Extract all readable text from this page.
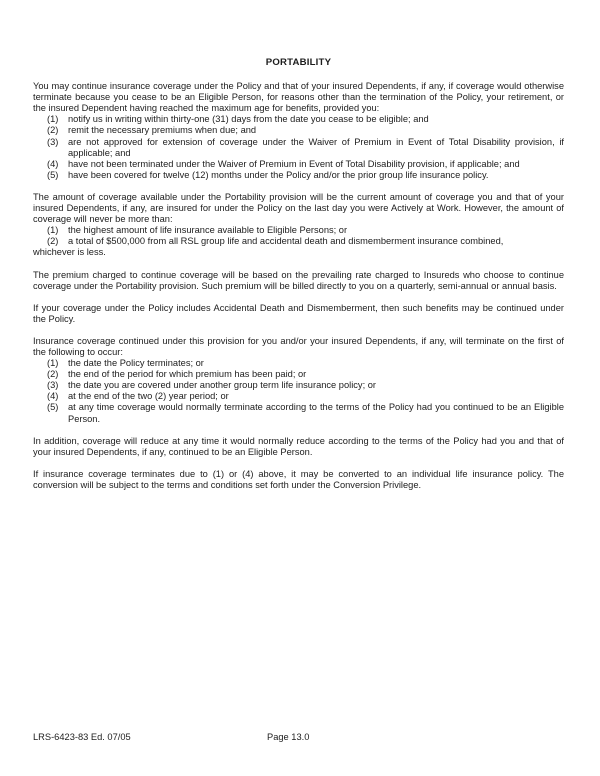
PORTABILITY

You may continue insurance coverage under the Policy and that of your insured Dependents, if any, if coverage would otherwise terminate because you cease to be an Eligible Person, for reasons other than the termination of the Policy, your retirement, or the insured Dependent having reached the maximum age for benefits, provided you:

(1)	notify us in writing within thirty-one (31) days from the date you cease to be eligible; and
(2)	remit the necessary premiums when due; and
(3)	are not approved for extension of coverage under the Waiver of Premium in Event of Total Disability provision, if applicable; and
(4)	have not been terminated under the Waiver of Premium in Event of Total Disability provision, if applicable; and
(5)	have been covered for twelve (12) months under the Policy and/or the prior group life insurance policy.

The amount of coverage available under the Portability provision will be the current amount of coverage you and that of your insured Dependents, if any, are insured for under the Policy on the last day you were Actively at Work. However, the amount of coverage will never be more than:

(1)	the highest amount of life insurance available to Eligible Persons; or
(2)	a total of $500,000 from all RSL group life and accidental death and dismemberment insurance combined,

whichever is less.

The premium charged to continue coverage will be based on the prevailing rate charged to Insureds who choose to continue coverage under the Portability provision. Such premium will be billed directly to you on a quarterly, semi-annual or annual basis.

If your coverage under the Policy includes Accidental Death and Dismemberment, then such benefits may be continued under the Policy.

Insurance coverage continued under this provision for you and/or your insured Dependents, if any, will terminate on the first of the following to occur:

(1)	the date the Policy terminates; or
(2)	the end of the period for which premium has been paid; or
(3)	the date you are covered under another group term life insurance policy; or
(4)	at the end of the two (2) year period; or
(5)	at any time coverage would normally terminate according to the terms of the Policy had you continued to be an Eligible Person.

In addition, coverage will reduce at any time it would normally reduce according to the terms of the Policy had you and that of your insured Dependents, if any, continued to be an Eligible Person.

If insurance coverage terminates due to (1) or (4) above, it may be converted to an individual life insurance policy. The conversion will be subject to the terms and conditions set forth under the Conversion Privilege.

LRS-6423-83 Ed. 07/05	Page 13.0
